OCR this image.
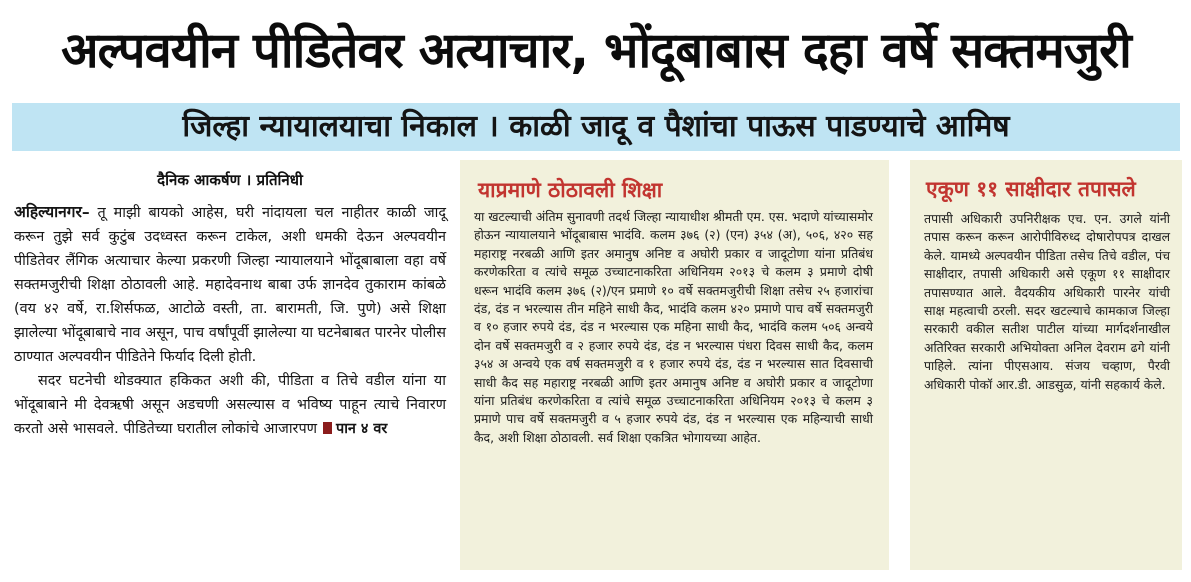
अल्पवयीन पीडितेवर अत्याचार, भोंदूबाबास दहा वर्षे सक्तमजुरी
जिल्हा न्यायालयाचा निकाल । काळी जादू व पैशांचा पाऊस पाडण्याचे आमिष
दैनिक आकर्षण । प्रतिनिधी

अहिल्यानगर– तू माझी बायको आहेस, घरी नांदायला चल नाहीतर काळी जादू करून तुझे सर्व कुटुंब उदध्वस्त करून टाकेल, अशी धमकी देऊन अल्पवयीन पीडितेवर लैंगिक अत्याचार केल्या प्रकरणी जिल्हा न्यायालयाने भोंदूबाबाला वहा वर्षे सक्तमजुरीची शिक्षा ठोठावली आहे. महादेवनाथ बाबा उर्फ ज्ञानदेव तुकाराम कांबळे (वय ४२ वर्षे, रा.शिर्सफळ, आटोळे वस्ती, ता. बारामती, जि. पुणे) असे शिक्षा झालेल्या भोंदूबाबाचे नाव असून, पाच वर्षांपूर्वी झालेल्या या घटनेबाबत पारनेर पोलीस ठाण्यात अल्पवयीन पीडितेने फिर्याद दिली होती.

सदर घटनेची थोडक्यात हकिकत अशी की, पीडिता व तिचे वडील यांना या भोंदूबाबाने मी देवऋषी असून अडचणी असल्यास व भविष्य पाहून त्याचे निवारण करतो असे भासवले. पीडितेच्या घरातील लोकांचे आजारपण पान ४ वर

याप्रमाणे ठोठावली शिक्षा

या खटल्याची अंतिम सुनावणी तदर्थ जिल्हा न्यायाधीश श्रीमती एम. एस. भदाणे यांच्यासमोर होऊन न्यायालयाने भोंदूबाबास भादंवि. कलम ३७६ (२) (एन) ३५४ (अ), ५०६, ४२० सह महाराष्ट्र नरबळी आणि इतर अमानुष अनिष्ट व अघोरी प्रकार व जादूटोणा यांना प्रतिबंध करणेकरिता व त्यांचे समूळ उच्चाटनाकरिता अधिनियम २०१३ चे कलम ३ प्रमाणे दोषी धरून भादंवि कलम ३७६ (२)/एन प्रमाणे १० वर्षे सक्तमजुरीची शिक्षा तसेच २५ हजारांचा दंड, दंड न भरल्यास तीन महिने साधी कैद, भादंवि कलम ४२० प्रमाणे पाच वर्षे सक्तमजुरी व १० हजार रुपये दंड, दंड न भरल्यास एक महिना साधी कैद, भादंवि कलम ५०६ अन्वये दोन वर्षे सक्तमजुरी व २ हजार रुपये दंड, दंड न भरल्यास पंधरा दिवस साधी कैद, कलम ३५४ अ अन्वये एक वर्ष सक्तमजुरी व १ हजार रुपये दंड, दंड न भरल्यास सात दिवसाची साधी कैद सह महाराष्ट्र नरबळी आणि इतर अमानुष अनिष्ट व अघोरी प्रकार व जादूटोणा यांना प्रतिबंध करणेकरिता व त्यांचे समूळ उच्चाटनाकरिता अधिनियम २०१३ चे कलम ३ प्रमाणे पाच वर्षे सक्तमजुरी व ५ हजार रुपये दंड, दंड न भरल्यास एक महिन्याची साधी कैद, अशी शिक्षा ठोठावली. सर्व शिक्षा एकत्रित भोगायच्या आहेत.

एकूण ११ साक्षीदार तपासले

तपासी अधिकारी उपनिरीक्षक एच. एन. उगले यांनी तपास करून करून आरोपीविरुध्द दोषारोपपत्र दाखल केले. यामध्ये अल्पवयीन पीडिता तसेच तिचे वडील, पंच साक्षीदार, तपासी अधिकारी असे एकूण ११ साक्षीदार तपासण्यात आले. वैदयकीय अधिकारी पारनेर यांची साक्ष महत्वाची ठरली. सदर खटल्याचे कामकाज जिल्हा सरकारी वकील सतीश पाटील यांच्या मार्गदर्शनाखील अतिरिक्त सरकारी अभियोक्ता अनिल देवराम ढगे यांनी पाहिले. त्यांना पीएसआय. संजय चव्हाण, पैरवी अधिकारी पोकॉ आर.डी. आडसुळ, यांनी सहकार्य केले.
